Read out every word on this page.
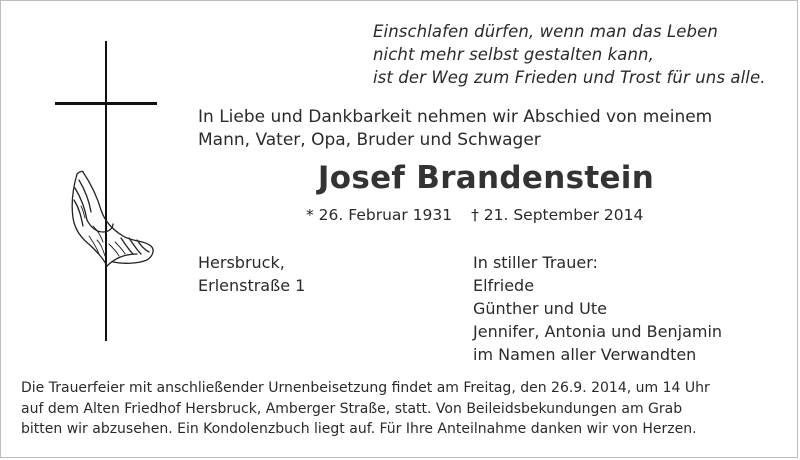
Einschlafen dürfen, wenn man das Leben
nicht mehr selbst gestalten kann,
ist der Weg zum Frieden und Trost für uns alle.
In Liebe und Dankbarkeit nehmen wir Abschied von meinem
Mann, Vater, Opa, Bruder und Schwager
Josef Brandenstein
* 26. Februar 1931 † 21. September 2014
Hersbruck,
Erlenstraße 1
In stiller Trauer:
Elfriede
Günther und Ute
Jennifer, Antonia und Benjamin
im Namen aller Verwandten
Die Trauerfeier mit anschließender Urnenbeisetzung findet am Freitag, den 26.9. 2014, um 14 Uhr
auf dem Alten Friedhof Hersbruck, Amberger Straße, statt. Von Beileidsbekundungen am Grab
bitten wir abzusehen. Ein Kondolenzbuch liegt auf. Für Ihre Anteilnahme danken wir von Herzen.
